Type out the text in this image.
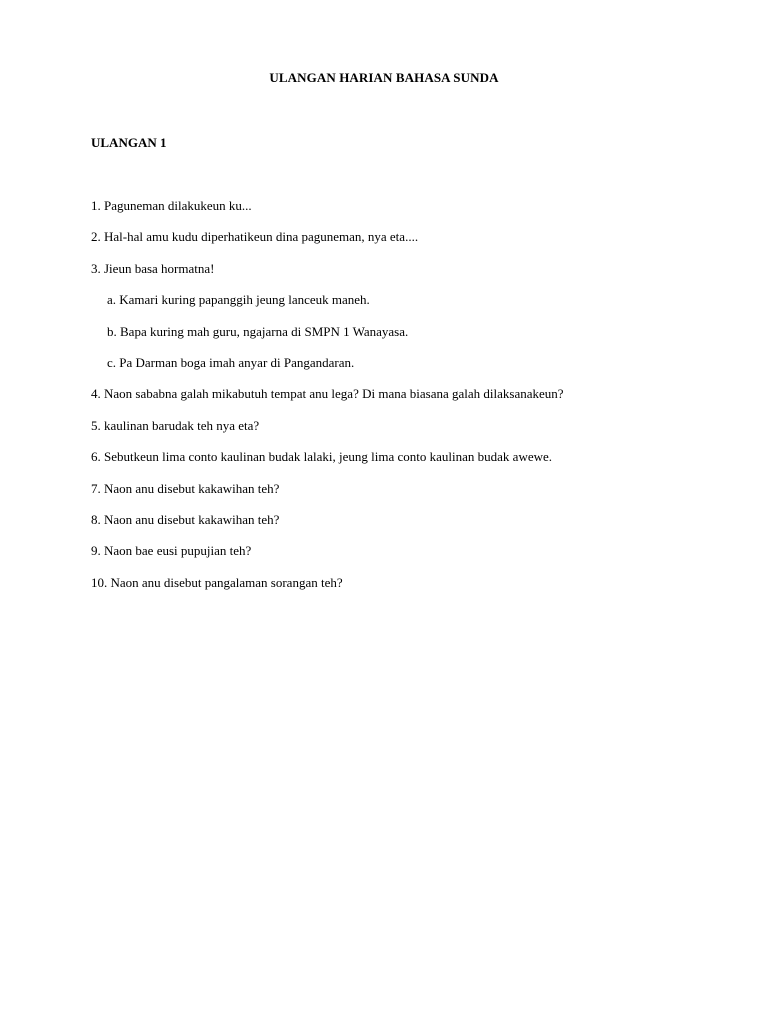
ULANGAN HARIAN BAHASA SUNDA
ULANGAN 1
1. Paguneman dilakukeun ku...
2. Hal-hal amu kudu diperhatikeun dina paguneman, nya eta....
3. Jieun basa hormatna!
a. Kamari kuring papanggih jeung lanceuk maneh.
b. Bapa kuring mah guru, ngajarna di SMPN 1 Wanayasa.
c. Pa Darman boga imah anyar di Pangandaran.
4. Naon sababna galah mikabutuh tempat anu lega? Di mana biasana galah dilaksanakeun?
5. kaulinan barudak teh nya eta?
6. Sebutkeun lima conto kaulinan budak lalaki, jeung lima conto kaulinan budak awewe.
7. Naon anu disebut kakawihan teh?
8. Naon anu disebut kakawihan teh?
9. Naon bae eusi pupujian teh?
10. Naon anu disebut pangalaman sorangan teh?
